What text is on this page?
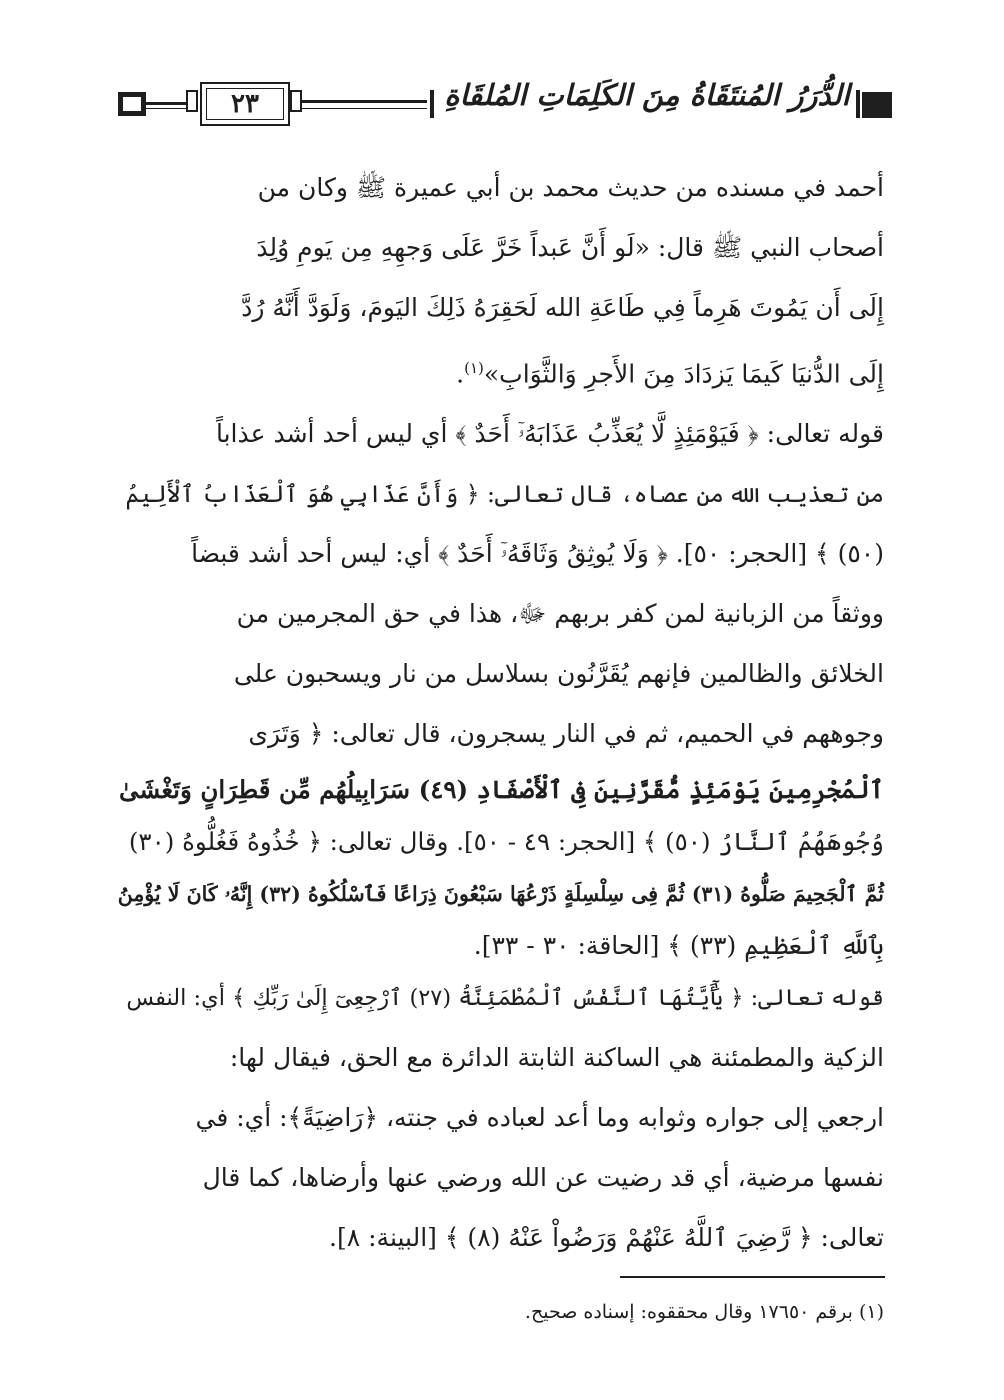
٢٣	الدُّرَرُ المُنتَقَاةُ مِنَ الكَلِمَاتِ المُلقَاةِ
أحمد في مسنده من حديث محمد بن أبي عميرة ﷺ وكان من
أصحاب النبي ﷺ قال: «لَو أَنَّ عَبداً خَرَّ عَلَى وَجهِهِ مِن يَومِ وُلِدَ
إِلَى أَن يَمُوتَ هَرِماً فِي طَاعَةِ الله لَحَقِرَهُ ذَلِكَ اليَومَ، وَلَوَدَّ أَنَّهُ رُدَّ
إِلَى الدُّنيَا كَيمَا يَزدَادَ مِنَ الأَجرِ وَالثَّوَابِ»$^{(١)}$.
قوله تعالى: ﴿ فَيَوْمَئِذٍ لَّا يُعَذِّبُ عَذَابَهُۥٓ أَحَدٌ ﴾ أي ليس أحد أشد عذاباً
من تعذيب الله من عصاه، قال تعالى: ﴿ وَأَنَّ عَذَابِي هُوَ ٱلْعَذَابُ ٱلْأَلِيمُ
(٥٠) ﴾ [الحجر: ٥٠]. ﴿ وَلَا يُوثِقُ وَثَاقَهُۥٓ أَحَدٌ ﴾ أي: ليس أحد أشد قبضاً
ووثقاً من الزبانية لمن كفر بربهم ﷻ، هذا في حق المجرمين من
الخلائق والظالمين فإنهم يُقَرَّنُون بسلاسل من نار ويسحبون على
وجوههم في الحميم، ثم في النار يسجرون، قال تعالى: ﴿ وَتَرَى
ٱلْمُجْرِمِينَ يَوْمَئِذٍ مُّقَرَّنِينَ فِى ٱلْأَصْفَادِ (٤٩) سَرَابِيلُهُم مِّن قَطِرَانٍ وَتَغْشَىٰ
وُجُوهَهُمُ ٱلنَّارُ (٥٠) ﴾ [الحجر: ٤٩ - ٥٠]. وقال تعالى: ﴿ خُذُوهُ فَغُلُّوهُ (٣٠)
ثُمَّ ٱلْجَحِيمَ صَلُّوهُ (٣١) ثُمَّ فِى سِلْسِلَةٍ ذَرْعُهَا سَبْعُونَ ذِرَاعًا فَٱسْلُكُوهُ (٣٢) إِنَّهُۥ كَانَ لَا يُؤْمِنُ
بِٱللَّهِ ٱلْعَظِيمِ (٣٣) ﴾ [الحاقة: ٣٠ - ٣٣].
قوله تعالى: ﴿ يَٰٓأَيَّتُهَا ٱلنَّفْسُ ٱلْمُطْمَئِنَّةُ (٢٧) ٱرْجِعِىٓ إِلَىٰ رَبِّكِ ﴾ أي: النفس
الزكية والمطمئنة هي الساكنة الثابتة الدائرة مع الحق، فيقال لها:
ارجعي إلى جواره وثوابه وما أعد لعباده في جنته، ﴿رَاضِيَةً﴾: أي: في
نفسها مرضية، أي قد رضيت عن الله ورضي عنها وأرضاها، كما قال
تعالى: ﴿ رَّضِيَ ٱللَّهُ عَنْهُمْ وَرَضُواْ عَنْهُ (٨) ﴾ [البينة: ٨].
(١) برقم ١٧٦٥٠ وقال محققوه: إسناده صحيح.
